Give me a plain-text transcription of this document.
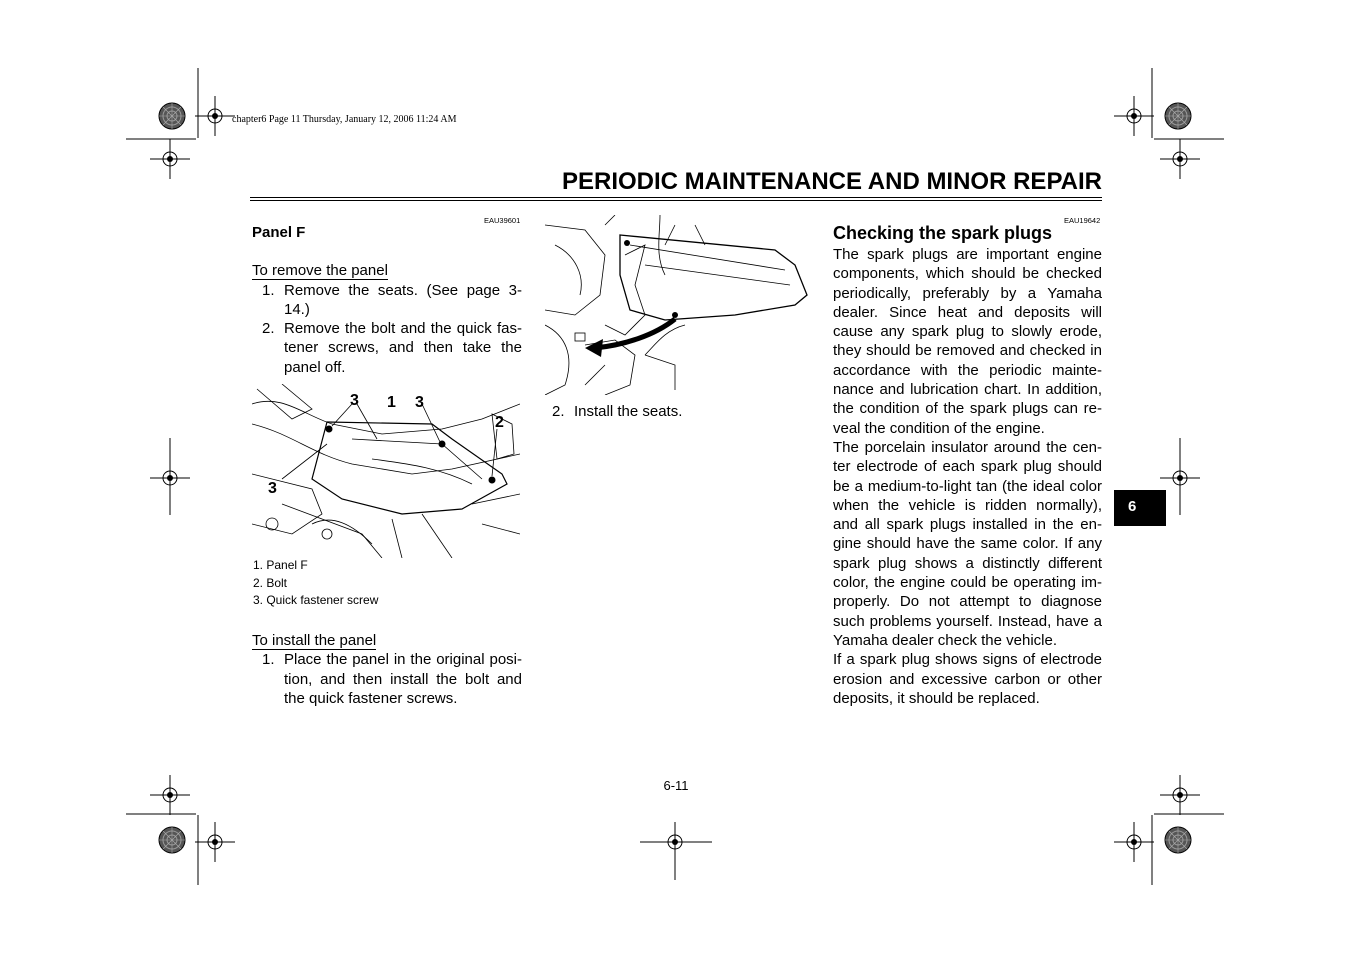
chapter6 Page 11 Thursday, January 12, 2006 11:24 AM
PERIODIC MAINTENANCE AND MINOR REPAIR
EAU39601
Panel F
To remove the panel
1. Remove the seats. (See page 3-14.)
2. Remove the bolt and the quick fas-tener screws, and then take the panel off.
3 1 3
2
3
1. Panel F
2. Bolt
3. Quick fastener screw
To install the panel
1. Place the panel in the original posi-tion, and then install the bolt and the quick fastener screws.
2. Install the seats.
EAU19642
Checking the spark plugs

The spark plugs are important engine components, which should be checked periodically, preferably by a Yamaha dealer. Since heat and deposits will cause any spark plug to slowly erode, they should be removed and checked in accordance with the periodic mainte-nance and lubrication chart. In addition, the condition of the spark plugs can re-veal the condition of the engine.

The porcelain insulator around the cen-ter electrode of each spark plug should be a medium-to-light tan (the ideal color when the vehicle is ridden normally), and all spark plugs installed in the en-gine should have the same color. If any spark plug shows a distinctly different color, the engine could be operating im-properly. Do not attempt to diagnose such problems yourself. Instead, have a Yamaha dealer check the vehicle.

If a spark plug shows signs of electrode erosion and excessive carbon or other deposits, it should be replaced.

6
6-11
